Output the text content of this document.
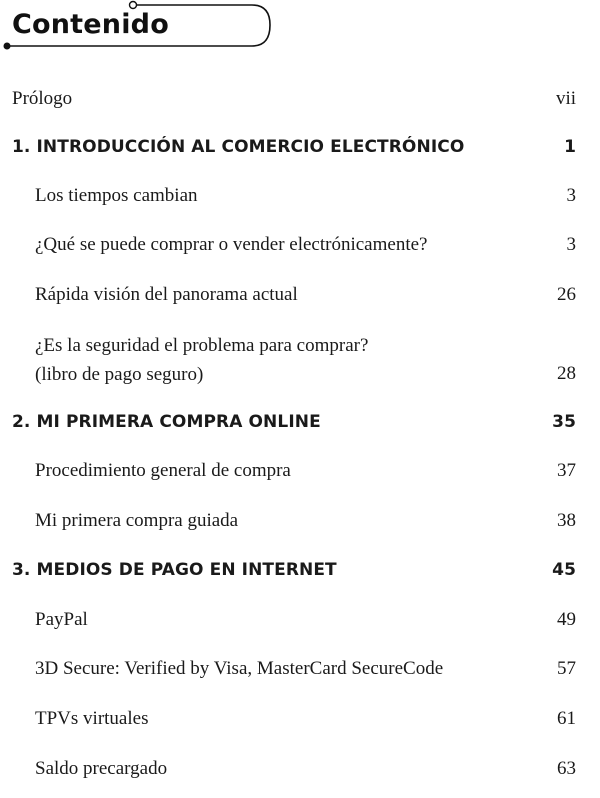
Contenido
Prólogo	vii
1. INTRODUCCIÓN AL COMERCIO ELECTRÓNICO	1
Los tiempos cambian	3
¿Qué se puede comprar o vender electrónicamente?	3
Rápida visión del panorama actual	26
¿Es la seguridad el problema para comprar?
(libro de pago seguro)	28
2. MI PRIMERA COMPRA ONLINE	35
Procedimiento general de compra	37
Mi primera compra guiada	38
3. MEDIOS DE PAGO EN INTERNET	45
PayPal	49
3D Secure: Verified by Visa, MasterCard SecureCode	57
TPVs virtuales	61
Saldo precargado	63
